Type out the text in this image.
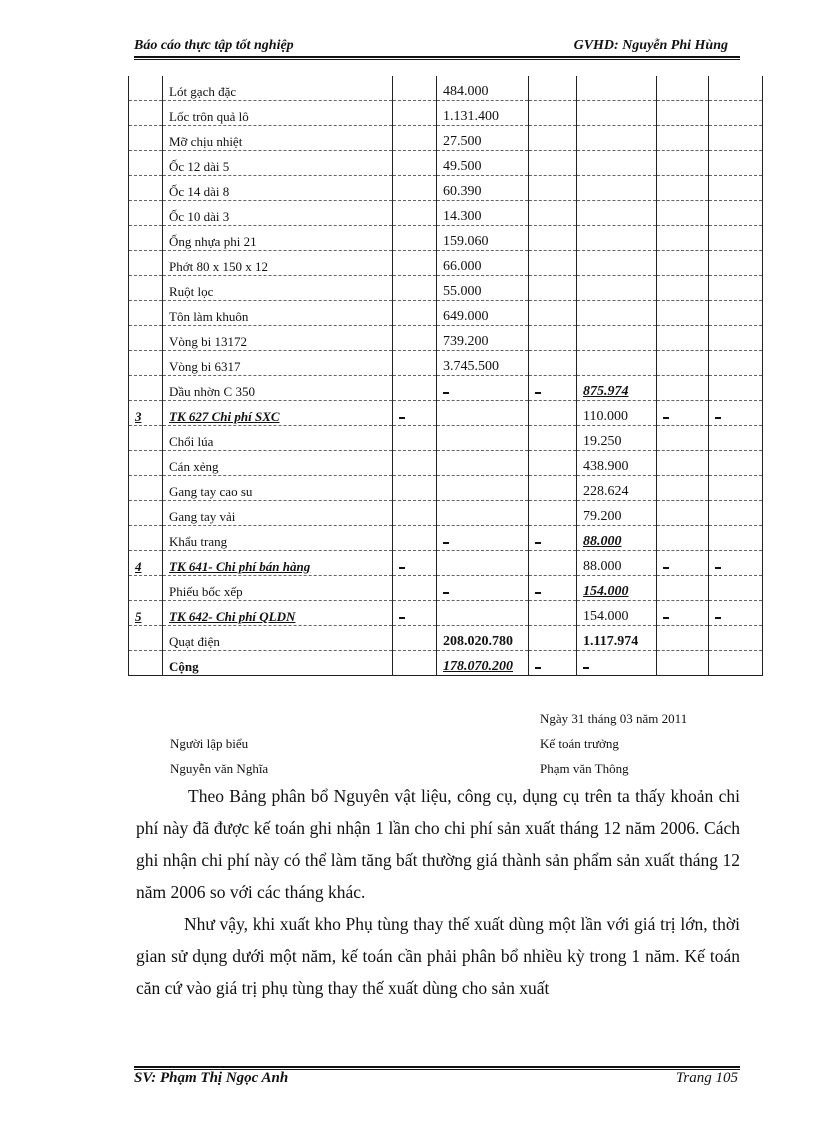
Báo cáo thực tập tốt nghiệp	GVHD: Nguyễn Phi Hùng
	Lót gạch đặc		484.000				
	Lốc trôn quả lô		1.131.400				
	Mỡ chịu nhiệt		27.500				
	Ốc 12 dài 5		49.500				
	Ốc 14 dài 8		60.390				
	Ốc 10 dài 3		14.300				
	Ống nhựa phi 21		159.060				
	Phớt 80 x 150 x 12		66.000				
	Ruột lọc		55.000				
	Tôn làm khuôn		649.000				
	Vòng bi 13172		739.200				
	Vòng bi 6317		3.745.500				
	Dầu nhờn C 350				875.974		
3	TK 627 Chi phí SXC				110.000		
	Chổi lúa				19.250		
	Cán xẻng				438.900		
	Gang tay cao su				228.624		
	Gang tay vải				79.200		
	Khẩu trang				88.000		
4	TK 641- Chi phí bán hàng				88.000		
	Phiếu bốc xếp				154.000		
5	TK 642- Chi phí QLDN				154.000		
	Quạt điện		208.020.780		1.117.974		
	Cộng		178.070.200				
Ngày 31 tháng 03 năm 2011
Người lập biểu	Kế toán trưởng
Nguyễn văn Nghĩa	Phạm văn Thông

Theo Bảng phân bổ Nguyên vật liệu, công cụ, dụng cụ trên ta thấy khoản chi phí này đã được kế toán ghi nhận 1 lần cho chi phí sản xuất tháng 12 năm 2006. Cách ghi nhận chi phí này có thể làm tăng bất thường giá thành sản phẩm sản xuất tháng 12 năm 2006 so với các tháng khác.

Như vậy, khi xuất kho Phụ tùng thay thế xuất dùng một lần với giá trị lớn, thời gian sử dụng dưới một năm, kế toán cần phải phân bổ nhiều kỳ trong 1 năm. Kế toán căn cứ vào giá trị phụ tùng thay thế xuất dùng cho sản xuất

SV: Phạm Thị Ngọc Anh	Trang 105
